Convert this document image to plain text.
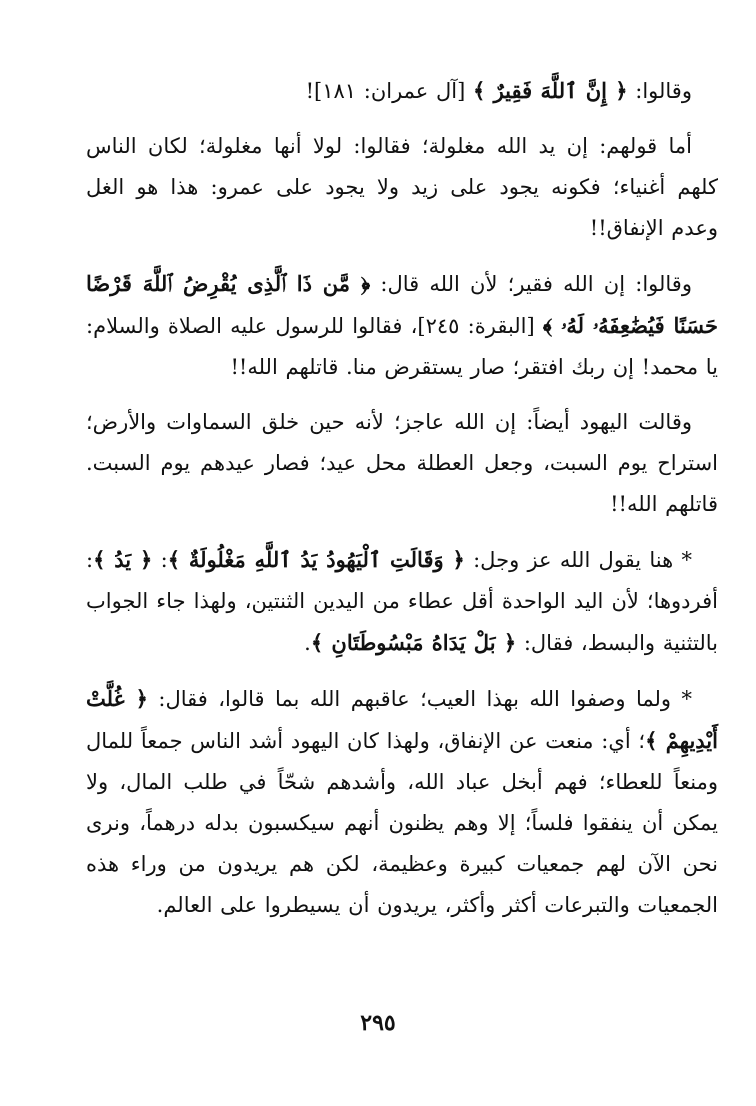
وقالوا: ﴿ إِنَّ ٱللَّهَ فَقِيرٌ ﴾ [آل عمران: ١٨١]!

أما قولهم: إن يد الله مغلولة؛ فقالوا: لولا أنها مغلولة؛ لكان الناس كلهم أغنياء؛ فكونه يجود على زيد ولا يجود على عمرو: هذا هو الغل وعدم الإنفاق!!

وقالوا: إن الله فقير؛ لأن الله قال: ﴿ مَّن ذَا ٱلَّذِى يُقْرِضُ ٱللَّهَ قَرْضًا حَسَنًا فَيُضَٰعِفَهُۥ لَهُۥ ﴾ [البقرة: ٢٤٥]، فقالوا للرسول عليه الصلاة والسلام: يا محمد! إن ربك افتقر؛ صار يستقرض منا. قاتلهم الله!!

وقالت اليهود أيضاً: إن الله عاجز؛ لأنه حين خلق السماوات والأرض؛ استراح يوم السبت، وجعل العطلة محل عيد؛ فصار عيدهم يوم السبت. قاتلهم الله!!

* هنا يقول الله عز وجل: ﴿ وَقَالَتِ ٱلْيَهُودُ يَدُ ٱللَّهِ مَغْلُولَةٌ ﴾: ﴿ يَدُ ﴾: أفردوها؛ لأن اليد الواحدة أقل عطاء من اليدين الثنتين، ولهذا جاء الجواب بالتثنية والبسط، فقال: ﴿ بَلْ يَدَاهُ مَبْسُوطَتَانِ ﴾.

* ولما وصفوا الله بهذا العيب؛ عاقبهم الله بما قالوا، فقال: ﴿ غُلَّتْ أَيْدِيهِمْ ﴾؛ أي: منعت عن الإنفاق، ولهذا كان اليهود أشد الناس جمعاً للمال ومنعاً للعطاء؛ فهم أبخل عباد الله، وأشدهم شحّاً في طلب المال، ولا يمكن أن ينفقوا فلساً؛ إلا وهم يظنون أنهم سيكسبون بدله درهماً، ونرى نحن الآن لهم جمعيات كبيرة وعظيمة، لكن هم يريدون من وراء هذه الجمعيات والتبرعات أكثر وأكثر، يريدون أن يسيطروا على العالم.

٢٩٥
